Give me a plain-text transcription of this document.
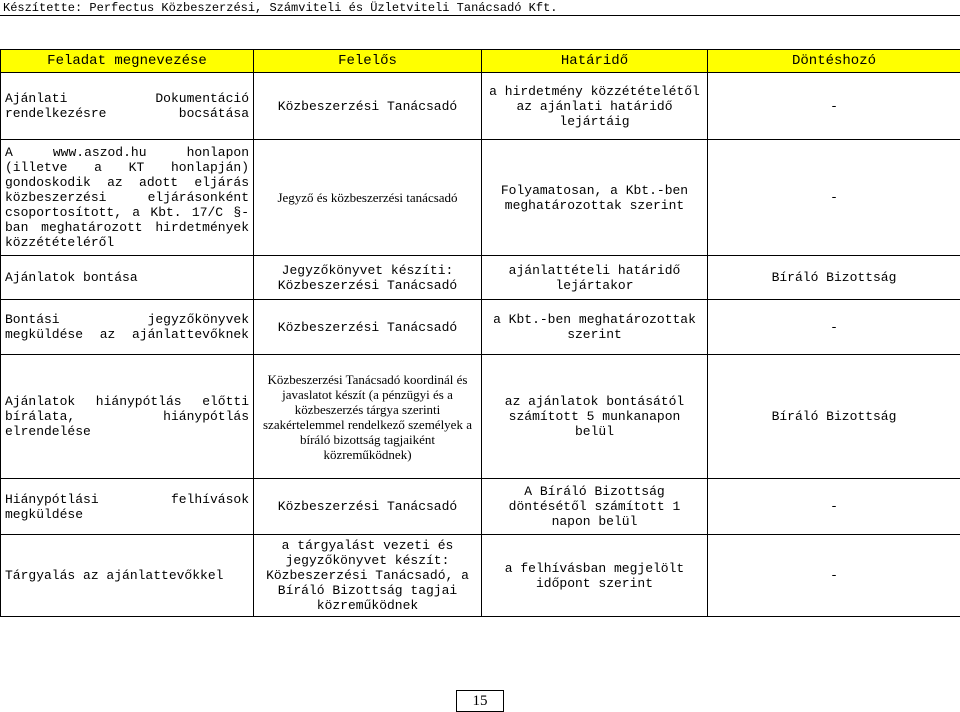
Készítette: Perfectus Közbeszerzési, Számviteli és Üzletviteli Tanácsadó Kft.
Feladat megnevezése	Felelős	Határidő	Döntéshozó
Ajánlati Dokumentáció rendelkezésre bocsátása	Közbeszerzési Tanácsadó	a hirdetmény közzétételétől az ajánlati határidő lejártáig	-
A www.aszod.hu honlapon (illetve a KT honlapján) gondoskodik az adott eljárás közbeszerzési eljárásonként csoportosított, a Kbt. 17/C §-ban meghatározott hirdetmények közzétételéről	Jegyző és közbeszerzési tanácsadó	Folyamatosan, a Kbt.-ben meghatározottak szerint	-
Ajánlatok bontása	Jegyzőkönyvet készíti: Közbeszerzési Tanácsadó	ajánlattételi határidő lejártakor	Bíráló Bizottság
Bontási jegyzőkönyvek megküldése az ajánlattevőknek	Közbeszerzési Tanácsadó	a Kbt.-ben meghatározottak szerint	-
Ajánlatok hiánypótlás előtti bírálata, hiánypótlás elrendelése	Közbeszerzési Tanácsadó koordinál és javaslatot készít (a pénzügyi és a közbeszerzés tárgya szerinti szakértelemmel rendelkező személyek a bíráló bizottság tagjaiként közreműködnek)	az ajánlatok bontásától számított 5 munkanapon belül	Bíráló Bizottság
Hiánypótlási felhívások megküldése	Közbeszerzési Tanácsadó	A Bíráló Bizottság döntésétől számított 1 napon belül	-
Tárgyalás az ajánlattevőkkel	a tárgyalást vezeti és jegyzőkönyvet készít: Közbeszerzési Tanácsadó, a Bíráló Bizottság tagjai közreműködnek	a felhívásban megjelölt időpont szerint	-
15
